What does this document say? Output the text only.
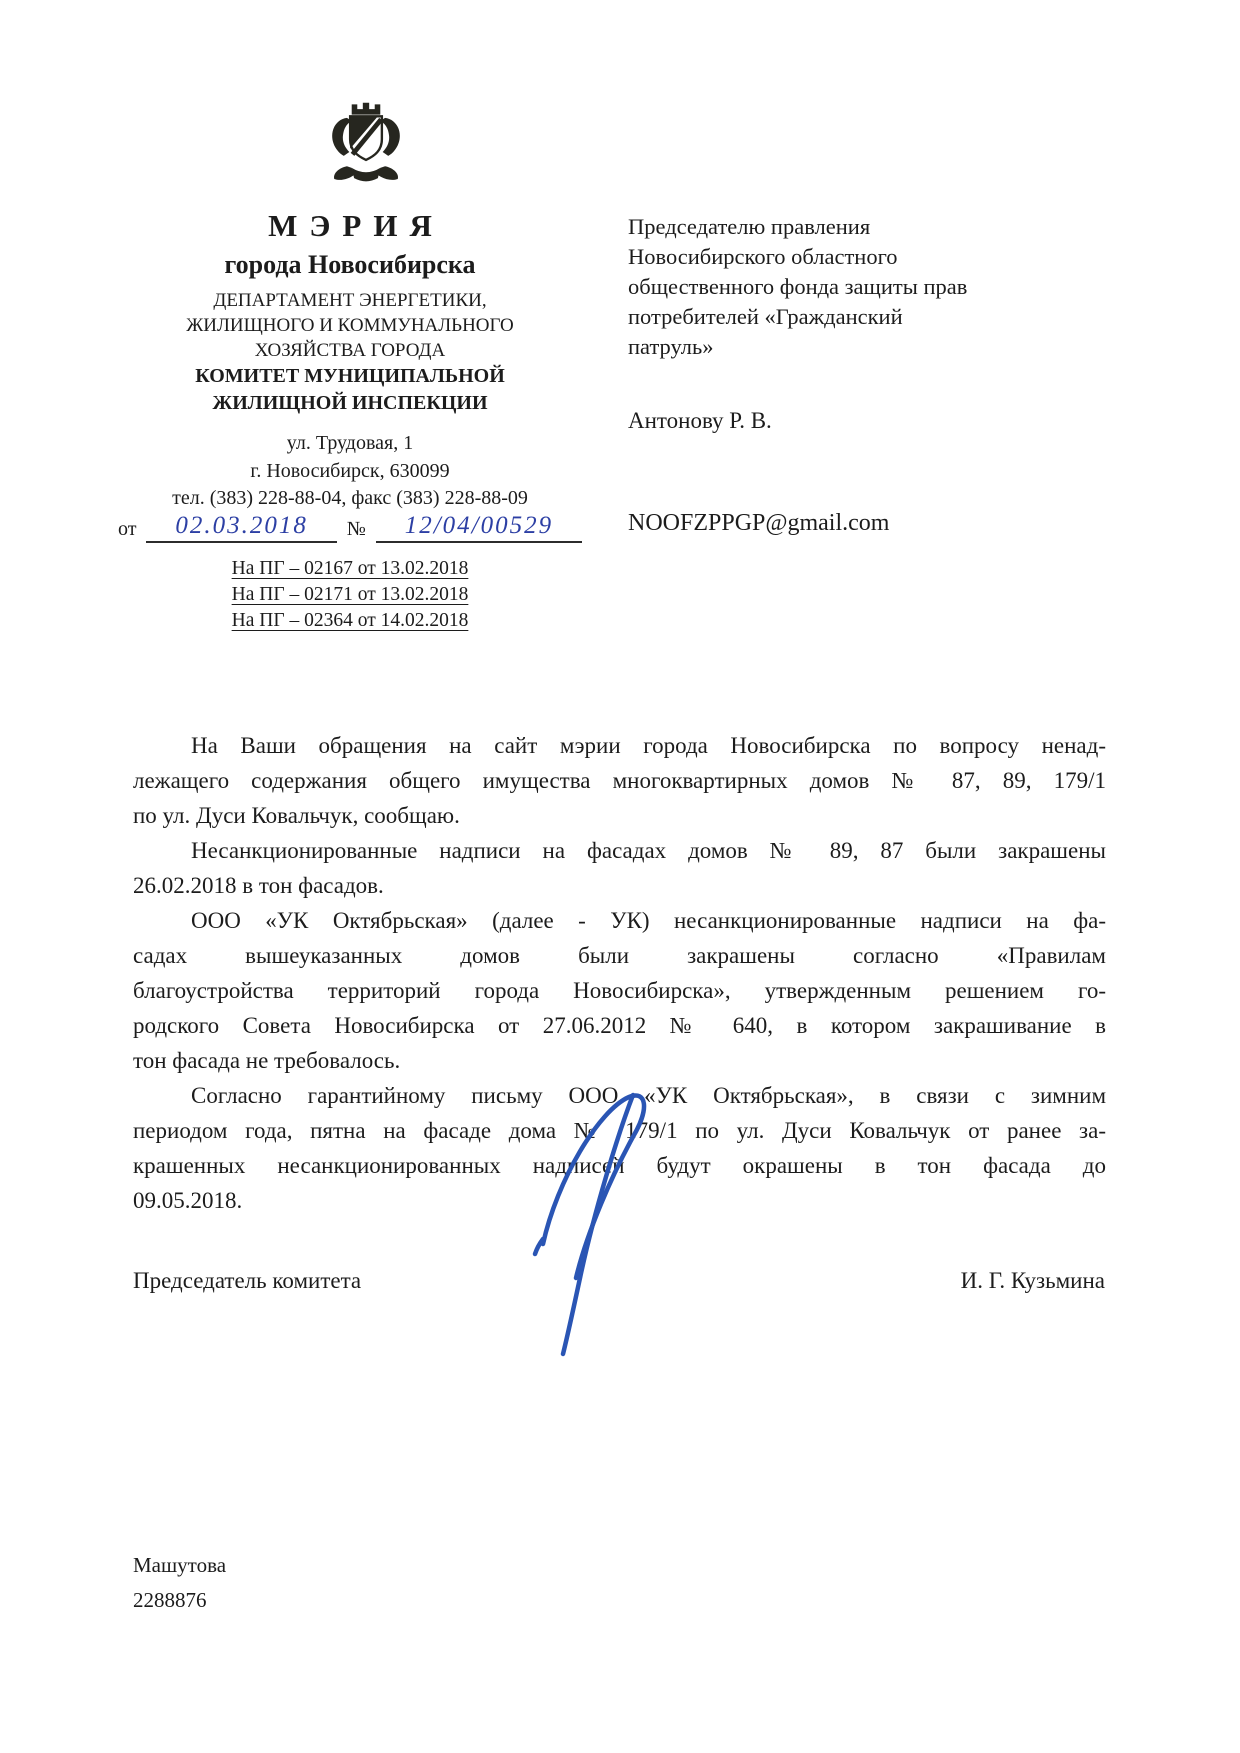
МЭРИЯ
города Новосибирска
ДЕПАРТАМЕНТ ЭНЕРГЕТИКИ,
ЖИЛИЩНОГО И КОММУНАЛЬНОГО
ХОЗЯЙСТВА ГОРОДА
КОМИТЕТ МУНИЦИПАЛЬНОЙ
ЖИЛИЩНОЙ ИНСПЕКЦИИ
ул. Трудовая, 1
г. Новосибирск, 630099
тел. (383) 228-88-04, факс (383) 228-88-09
от	02.03.2018	№	12/04/00529
На ПГ – 02167 от 13.02.2018
На ПГ – 02171 от 13.02.2018
На ПГ – 02364 от 14.02.2018
Председателю правления
Новосибирского областного
общественного фонда защиты прав
потребителей «Гражданский
патруль»
Антонову Р. В.
NOOFZPPGP@gmail.com
На Ваши обращения на сайт мэрии города Новосибирска по вопросу ненад-
лежащего содержания общего имущества многоквартирных домов № 87, 89, 179/1
по ул. Дуси Ковальчук, сообщаю.
Несанкционированные надписи на фасадах домов № 89, 87 были закрашены
26.02.2018 в тон фасадов.
ООО «УК Октябрьская» (далее - УК) несанкционированные надписи на фа-
садах вышеуказанных домов были закрашены согласно «Правилам
благоустройства территорий города Новосибирска», утвержденным решением го-
родского Совета Новосибирска от 27.06.2012 № 640, в котором закрашивание в
тон фасада не требовалось.
Согласно гарантийному письму ООО «УК Октябрьская», в связи с зимним
периодом года, пятна на фасаде дома № 179/1 по ул. Дуси Ковальчук от ранее за-
крашенных несанкционированных надписей будут окрашены в тон фасада до
09.05.2018.
Председатель комитета	И. Г. Кузьмина
Машутова
2288876
